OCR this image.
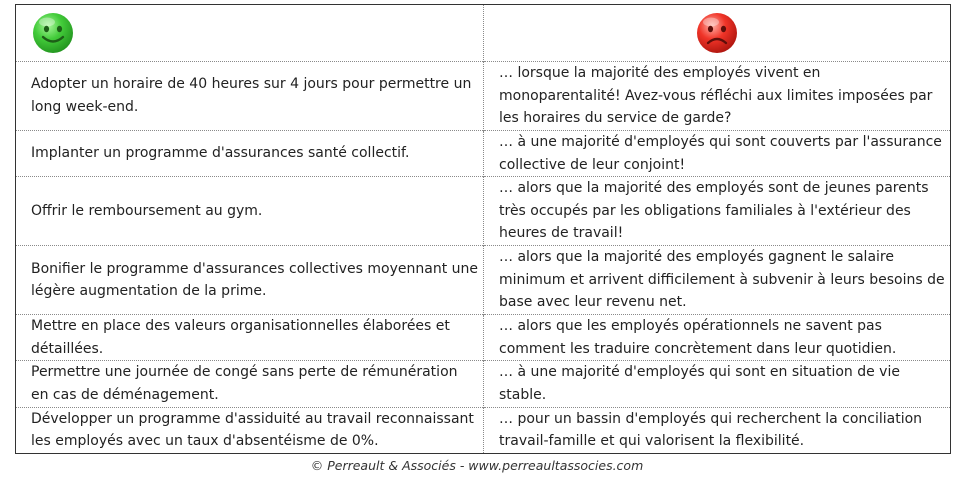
Adopter un horaire de 40 heures sur 4 jours pour permettre un long week-end.	… lorsque la majorité des employés vivent en monoparentalité! Avez-vous réfléchi aux limites imposées par les horaires du service de garde?
Implanter un programme d'assurances santé collectif.	… à une majorité d'employés qui sont couverts par l'assurance collective de leur conjoint!
Offrir le remboursement au gym.	… alors que la majorité des employés sont de jeunes parents très occupés par les obligations familiales à l'extérieur des heures de travail!
Bonifier le programme d'assurances collectives moyennant une légère augmentation de la prime.	… alors que la majorité des employés gagnent le salaire minimum et arrivent difficilement à subvenir à leurs besoins de base avec leur revenu net.
Mettre en place des valeurs organisationnelles élaborées et détaillées.	… alors que les employés opérationnels ne savent pas comment les traduire concrètement dans leur quotidien.
Permettre une journée de congé sans perte de rémunération en cas de déménagement.	… à une majorité d'employés qui sont en situation de vie stable.
Développer un programme d'assiduité au travail reconnaissant les employés avec un taux d'absentéisme de 0%.	… pour un bassin d'employés qui recherchent la conciliation travail-famille et qui valorisent la flexibilité.
© Perreault & Associés - www.perreaultassocies.com
